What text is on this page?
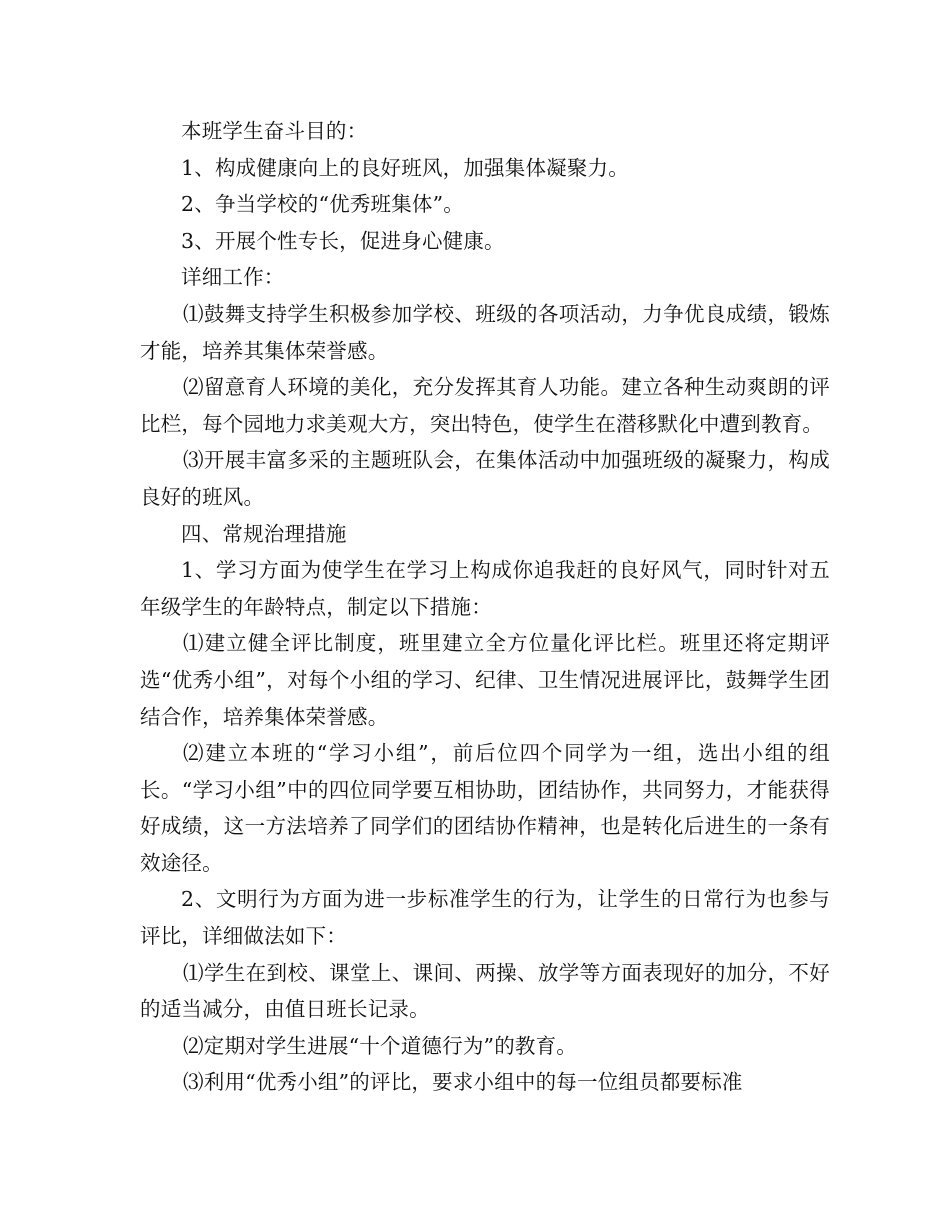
本班学生奋斗目的：

1、构成健康向上的良好班风，加强集体凝聚力。

2、争当学校的“优秀班集体”。

3、开展个性专长，促进身心健康。

详细工作：

⑴鼓舞支持学生积极参加学校、班级的各项活动，力争优良成绩，锻炼才能，培养其集体荣誉感。

⑵留意育人环境的美化，充分发挥其育人功能。建立各种生动爽朗的评比栏，每个园地力求美观大方，突出特色，使学生在潜移默化中遭到教育。

⑶开展丰富多采的主题班队会，在集体活动中加强班级的凝聚力，构成良好的班风。

四、常规治理措施

1、学习方面为使学生在学习上构成你追我赶的良好风气，同时针对五年级学生的年龄特点，制定以下措施：

⑴建立健全评比制度，班里建立全方位量化评比栏。班里还将定期评选“优秀小组”，对每个小组的学习、纪律、卫生情况进展评比，鼓舞学生团结合作，培养集体荣誉感。

⑵建立本班的“学习小组”，前后位四个同学为一组，选出小组的组长。“学习小组”中的四位同学要互相协助，团结协作，共同努力，才能获得好成绩，这一方法培养了同学们的团结协作精神，也是转化后进生的一条有效途径。

2、文明行为方面为进一步标准学生的行为，让学生的日常行为也参与评比，详细做法如下：

⑴学生在到校、课堂上、课间、两操、放学等方面表现好的加分，不好的适当减分，由值日班长记录。

⑵定期对学生进展“十个道德行为”的教育。

⑶利用“优秀小组”的评比，要求小组中的每一位组员都要标准
